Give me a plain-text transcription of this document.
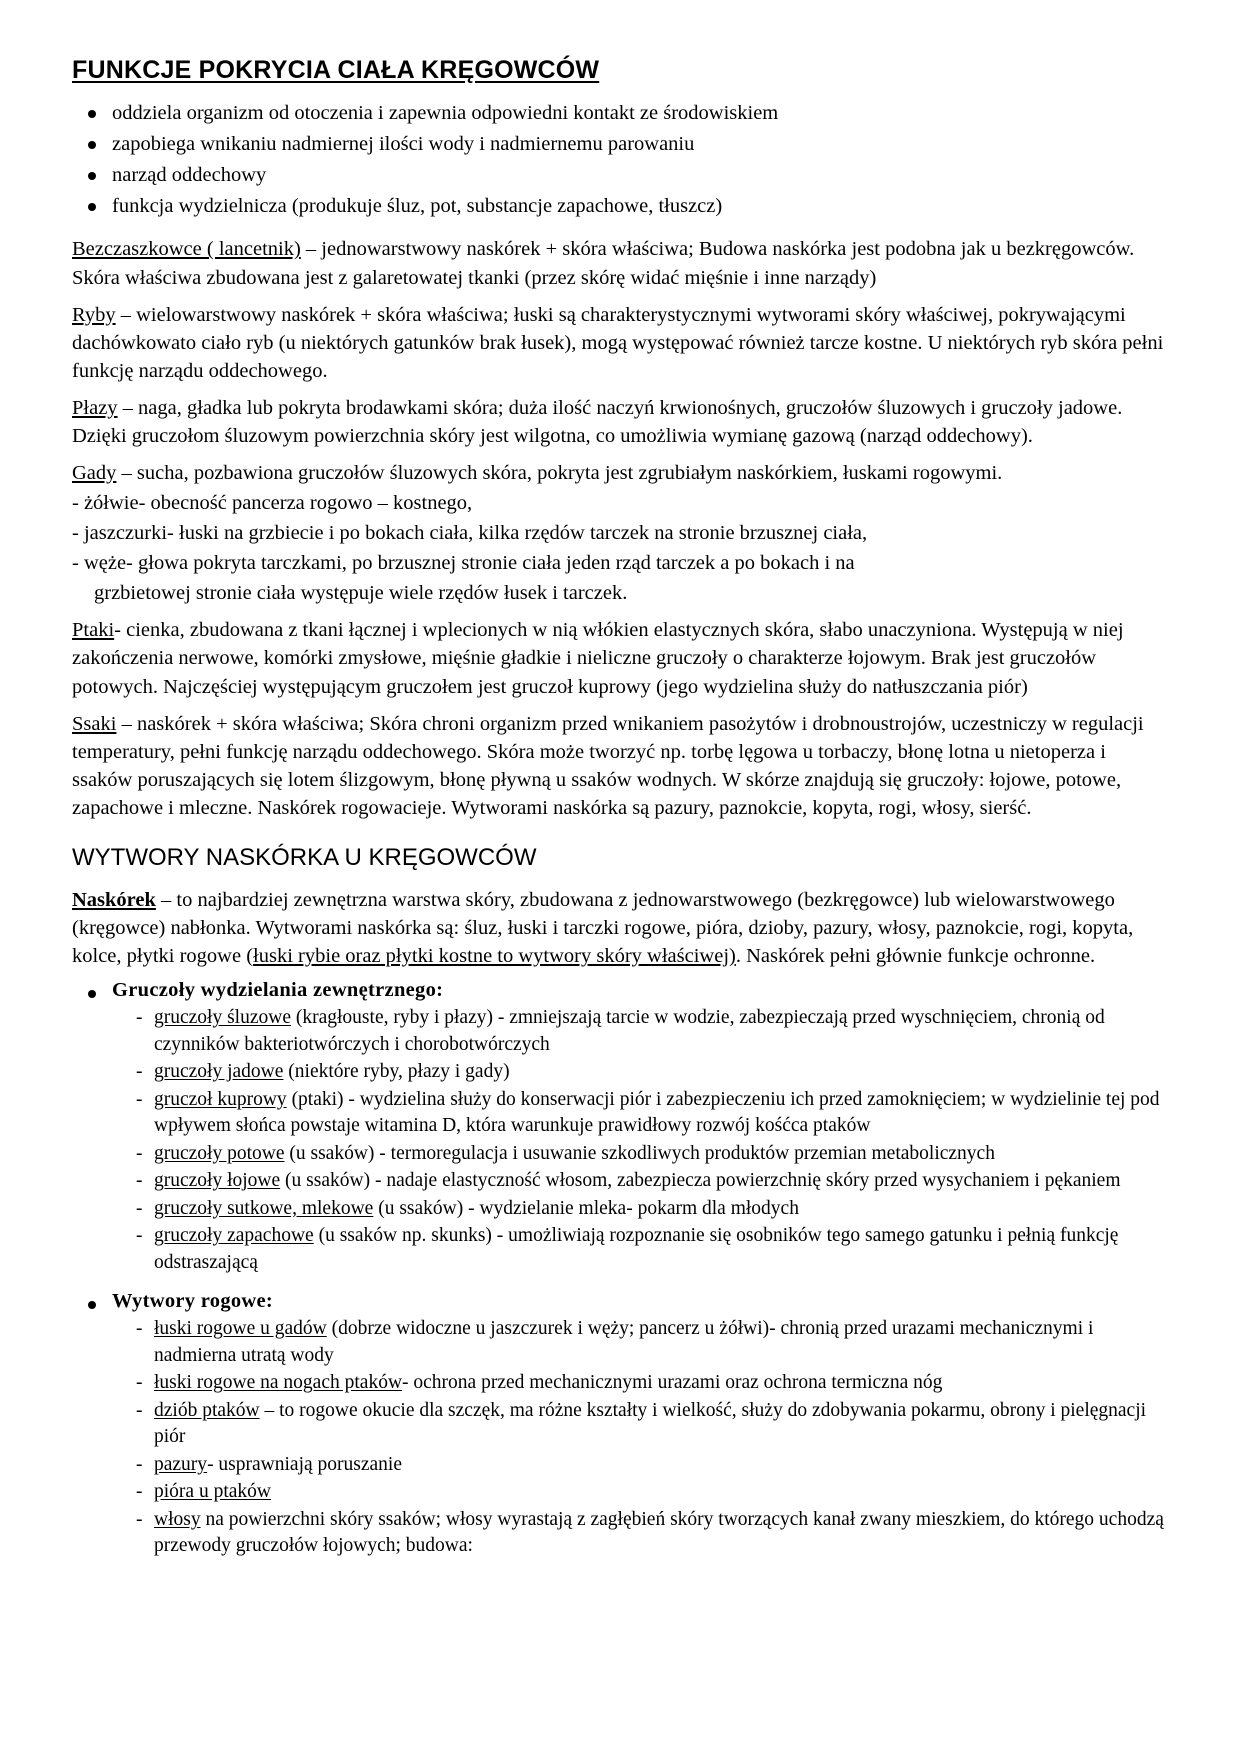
FUNKCJE POKRYCIA CIAŁA KRĘGOWCÓW
oddziela organizm od otoczenia i zapewnia odpowiedni kontakt ze środowiskiem
zapobiega wnikaniu nadmiernej ilości wody i nadmiernemu parowaniu
narząd oddechowy
funkcja wydzielnicza (produkuje śluz, pot, substancje zapachowe, tłuszcz)

Bezczaszkowce ( lancetnik) – jednowarstwowy naskórek + skóra właściwa; Budowa naskórka jest podobna jak u bezkręgowców. Skóra właściwa zbudowana jest z galaretowatej tkanki (przez skórę widać mięśnie i inne narządy)

Ryby – wielowarstwowy naskórek + skóra właściwa; łuski są charakterystycznymi wytworami skóry właściwej, pokrywającymi dachówkowato ciało ryb (u niektórych gatunków brak łusek), mogą występować również tarcze kostne. U niektórych ryb skóra pełni funkcję narządu oddechowego.

Płazy – naga, gładka lub pokryta brodawkami skóra; duża ilość naczyń krwionośnych, gruczołów śluzowych i gruczoły jadowe. Dzięki gruczołom śluzowym powierzchnia skóry jest wilgotna, co umożliwia wymianę gazową (narząd oddechowy).

Gady – sucha, pozbawiona gruczołów śluzowych skóra, pokryta jest zgrubiałym naskórkiem, łuskami rogowymi.

- żółwie- obecność pancerza rogowo – kostnego,

- jaszczurki- łuski na grzbiecie i po bokach ciała, kilka rzędów tarczek na stronie brzusznej ciała,

- węże- głowa pokryta tarczkami, po brzusznej stronie ciała jeden rząd tarczek a po bokach i na

grzbietowej stronie ciała występuje wiele rzędów łusek i tarczek.

Ptaki- cienka, zbudowana z tkani łącznej i wplecionych w nią włókien elastycznych skóra, słabo unaczyniona. Występują w niej zakończenia nerwowe, komórki zmysłowe, mięśnie gładkie i nieliczne gruczoły o charakterze łojowym. Brak jest gruczołów potowych. Najczęściej występującym gruczołem jest gruczoł kuprowy (jego wydzielina służy do natłuszczania piór)

Ssaki – naskórek + skóra właściwa; Skóra chroni organizm przed wnikaniem pasożytów i drobnoustrojów, uczestniczy w regulacji temperatury, pełni funkcję narządu oddechowego. Skóra może tworzyć np. torbę lęgowa u torbaczy, błonę lotna u nietoperza i ssaków poruszających się lotem ślizgowym, błonę pływną u ssaków wodnych. W skórze znajdują się gruczoły: łojowe, potowe, zapachowe i mleczne. Naskórek rogowacieje. Wytworami naskórka są pazury, paznokcie, kopyta, rogi, włosy, sierść.

WYTWORY NASKÓRKA U KRĘGOWCÓW

Naskórek – to najbardziej zewnętrzna warstwa skóry, zbudowana z jednowarstwowego (bezkręgowce) lub wielowarstwowego (kręgowce) nabłonka. Wytworami naskórka są: śluz, łuski i tarczki rogowe, pióra, dzioby, pazury, włosy, paznokcie, rogi, kopyta, kolce, płytki rogowe (łuski rybie oraz płytki kostne to wytwory skóry właściwej). Naskórek pełni głównie funkcje ochronne.

Gruczoły wydzielania zewnętrznego:
- gruczoły śluzowe (kragłouste, ryby i płazy) - zmniejszają tarcie w wodzie, zabezpieczają przed wyschnięciem, chronią od czynników bakteriotwórczych i chorobotwórczych
- gruczoły jadowe (niektóre ryby, płazy i gady)
- gruczoł kuprowy (ptaki) - wydzielina służy do konserwacji piór i zabezpieczeniu ich przed zamoknięciem; w wydzielinie tej pod wpływem słońca powstaje witamina D, która warunkuje prawidłowy rozwój kośćca ptaków
- gruczoły potowe (u ssaków) - termoregulacja i usuwanie szkodliwych produktów przemian metabolicznych
- gruczoły łojowe (u ssaków) - nadaje elastyczność włosom, zabezpiecza powierzchnię skóry przed wysychaniem i pękaniem
- gruczoły sutkowe, mlekowe (u ssaków) - wydzielanie mleka- pokarm dla młodych
- gruczoły zapachowe (u ssaków np. skunks) - umożliwiają rozpoznanie się osobników tego samego gatunku i pełnią funkcję odstraszającą
Wytwory rogowe:
- łuski rogowe u gadów (dobrze widoczne u jaszczurek i węży; pancerz u żółwi)- chronią przed urazami mechanicznymi i nadmierna utratą wody
- łuski rogowe na nogach ptaków- ochrona przed mechanicznymi urazami oraz ochrona termiczna nóg
- dziób ptaków – to rogowe okucie dla szczęk, ma różne kształty i wielkość, służy do zdobywania pokarmu, obrony i pielęgnacji piór
- pazury- usprawniają poruszanie
- pióra u ptaków
- włosy na powierzchni skóry ssaków; włosy wyrastają z zagłębień skóry tworzących kanał zwany mieszkiem, do którego uchodzą przewody gruczołów łojowych; budowa:
